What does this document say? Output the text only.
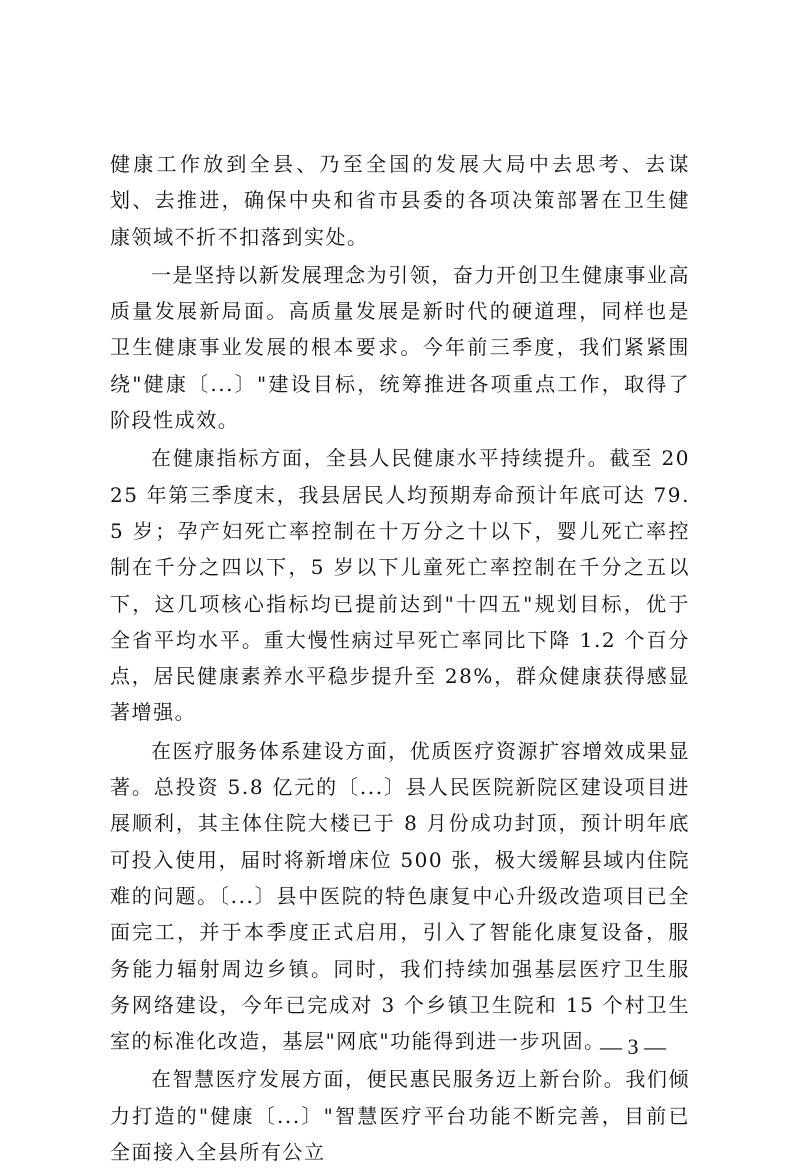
健康工作放到全县、乃至全国的发展大局中去思考、去谋划、去推进，确保中央和省市县委的各项决策部署在卫生健康领域不折不扣落到实处。

一是坚持以新发展理念为引领，奋力开创卫生健康事业高质量发展新局面。高质量发展是新时代的硬道理，同样也是卫生健康事业发展的根本要求。今年前三季度，我们紧紧围绕"健康〔...〕"建设目标，统筹推进各项重点工作，取得了阶段性成效。

在健康指标方面，全县人民健康水平持续提升。截至 2025 年第三季度末，我县居民人均预期寿命预计年底可达 79.5 岁；孕产妇死亡率控制在十万分之十以下，婴儿死亡率控制在千分之四以下，5 岁以下儿童死亡率控制在千分之五以下，这几项核心指标均已提前达到"十四五"规划目标，优于全省平均水平。重大慢性病过早死亡率同比下降 1.2 个百分点，居民健康素养水平稳步提升至 28%，群众健康获得感显著增强。

在医疗服务体系建设方面，优质医疗资源扩容增效成果显著。总投资 5.8 亿元的〔...〕县人民医院新院区建设项目进展顺利，其主体住院大楼已于 8 月份成功封顶，预计明年底可投入使用，届时将新增床位 500 张，极大缓解县域内住院难的问题。〔...〕县中医院的特色康复中心升级改造项目已全面完工，并于本季度正式启用，引入了智能化康复设备，服务能力辐射周边乡镇。同时，我们持续加强基层医疗卫生服务网络建设，今年已完成对 3 个乡镇卫生院和 15 个村卫生室的标准化改造，基层"网底"功能得到进一步巩固。

在智慧医疗发展方面，便民惠民服务迈上新台阶。我们倾力打造的"健康〔...〕"智慧医疗平台功能不断完善，目前已全面接入全县所有公立

— 3 —
